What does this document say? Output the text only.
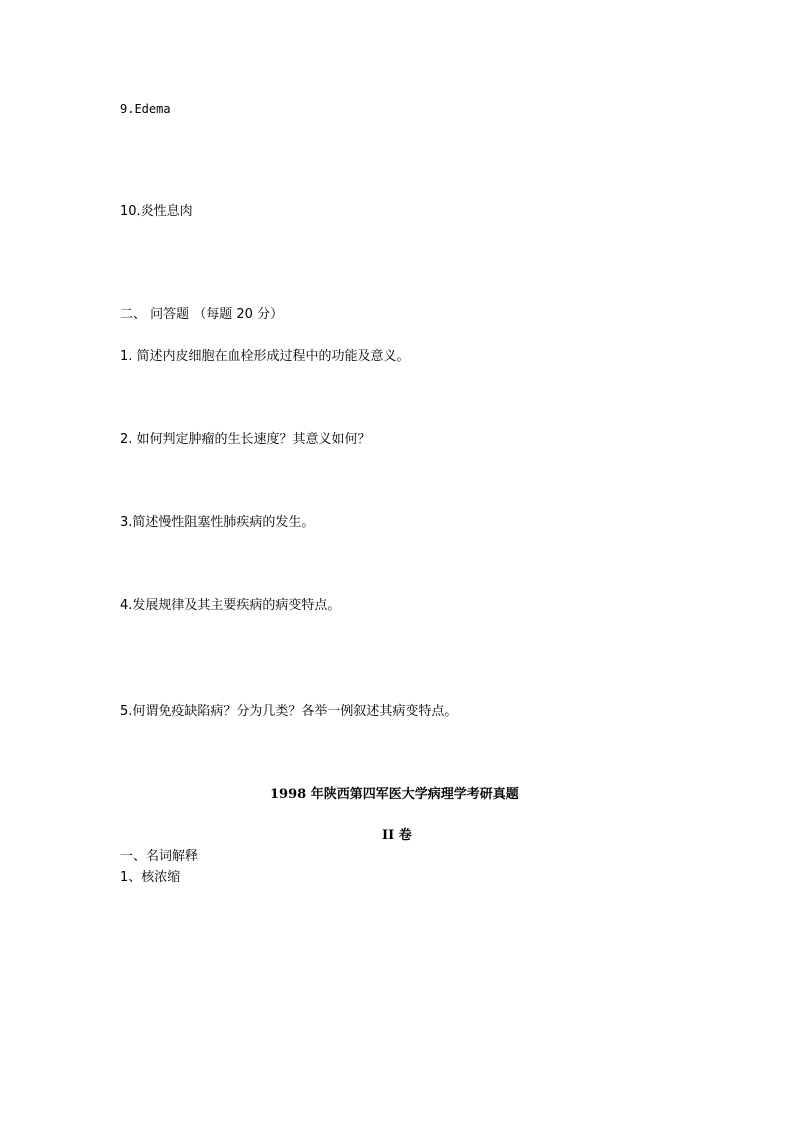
9.Edema
10.炎性息肉
二、 问答题 （每题 20 分）
1. 简述内皮细胞在血栓形成过程中的功能及意义。
2. 如何判定肿瘤的生长速度？其意义如何？
3.简述慢性阻塞性肺疾病的发生。
4.发展规律及其主要疾病的病变特点。
5.何谓免疫缺陷病？分为几类？各举一例叙述其病变特点。
1998 年陕西第四军医大学病理学考研真题
II 卷
一、名词解释
1、核浓缩
